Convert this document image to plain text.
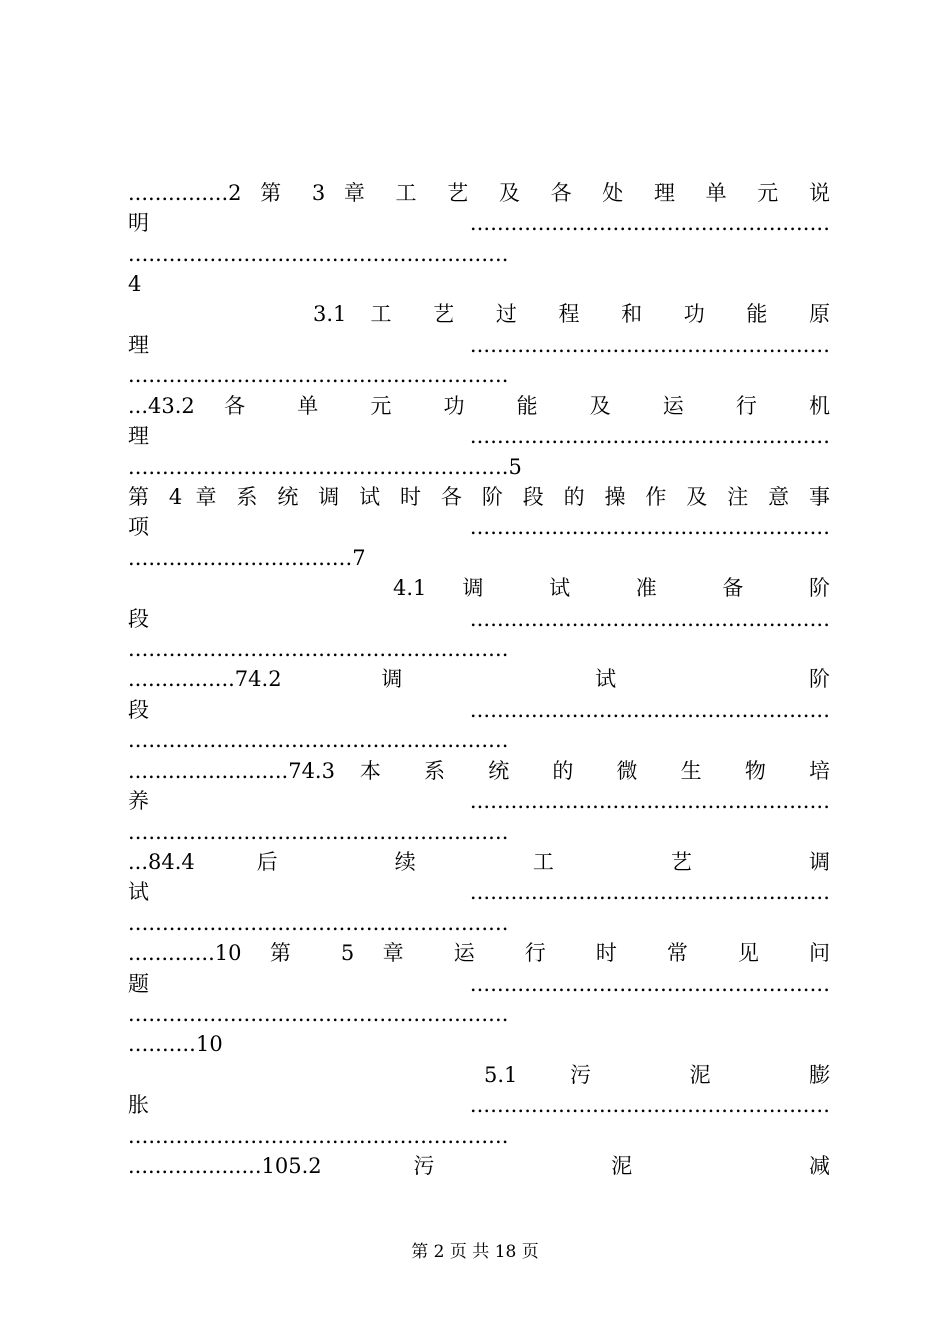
...............2 第 3 章 工 艺 及 各 处 理 单 元 说
明.....................................................
........................................................
4
3.1 工 艺 过 程 和 功 能 原
理.....................................................
........................................................
...43.2 各 单 元 功 能 及 运 行 机
理.....................................................
........................................................5
第 4 章 系 统 调 试 时 各 阶 段 的 操 作 及 注 意 事
项.....................................................
.................................7
4.1 调 试 准 备 阶
段.....................................................
........................................................
................74.2 调 试 阶
段.....................................................
........................................................
........................74.3 本 系 统 的 微 生 物 培
养.....................................................
........................................................
...84.4 后 续 工 艺 调
试.....................................................
........................................................
.............10 第 5 章 运 行 时 常 见 问
题.....................................................
........................................................
..........10
5.1 污 泥 膨
胀.....................................................
........................................................
....................105.2 污 泥 减
第 2 页 共 18 页
